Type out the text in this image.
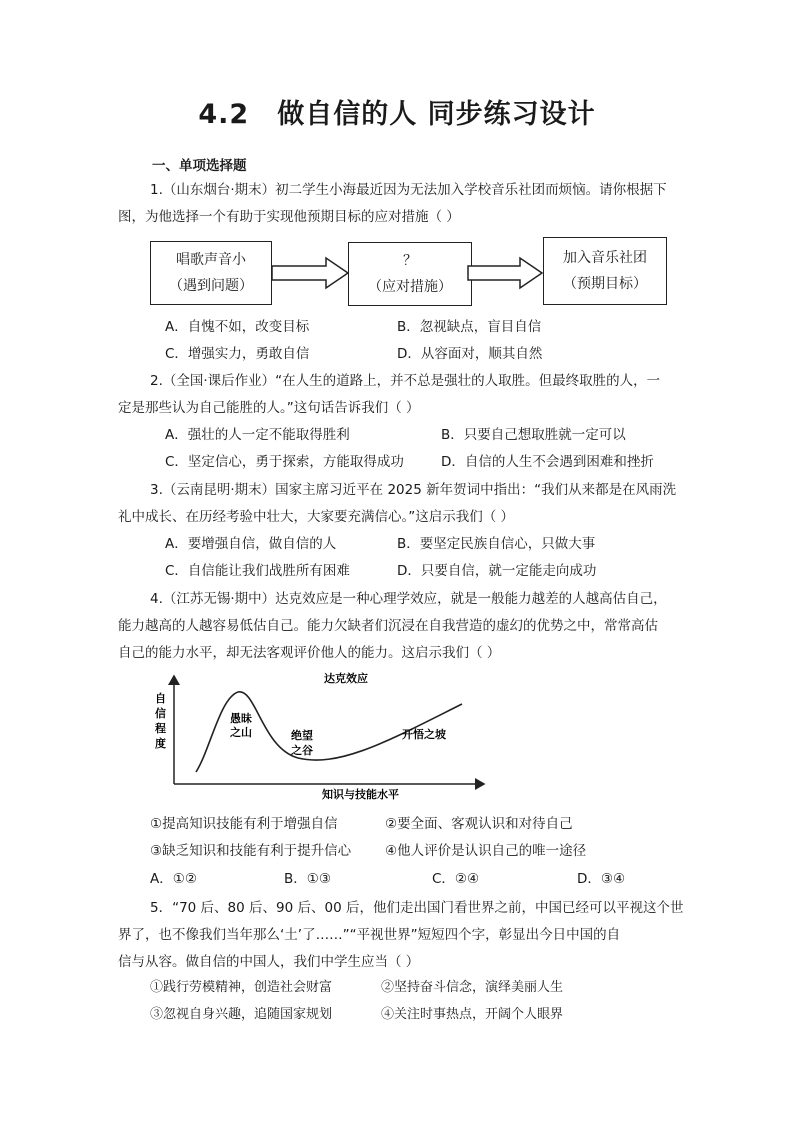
4.2 做自信的人 同步练习设计
一、单项选择题
1.（山东烟台·期末）初二学生小海最近因为无法加入学校音乐社团而烦恼。请你根据下
图，为他选择一个有助于实现他预期目标的应对措施（ ）
唱歌声音小
（遇到问题）
？
（应对措施）
加入音乐社团
（预期目标）
A．自愧不如，改变目标	B．忽视缺点，盲目自信
C．增强实力，勇敢自信	D．从容面对，顺其自然
2.（全国·课后作业）“在人生的道路上，并不总是强壮的人取胜。但最终取胜的人，一
定是那些认为自己能胜的人。”这句话告诉我们（ ）
A．强壮的人一定不能取得胜利	B．只要自己想取胜就一定可以
C．坚定信心，勇于探索，方能取得成功	D．自信的人生不会遇到困难和挫折
3.（云南昆明·期末）国家主席习近平在 2025 新年贺词中指出：“我们从来都是在风雨洗
礼中成长、在历经考验中壮大，大家要充满信心。”这启示我们（ ）
A．要增强自信，做自信的人	B．要坚定民族自信心，只做大事
C．自信能让我们战胜所有困难	D．只要自信，就一定能走向成功
4.（江苏无锡·期中）达克效应是一种心理学效应，就是一般能力越差的人越高估自己，
能力越高的人越容易低估自己。能力欠缺者们沉浸在自我营造的虚幻的优势之中，常常高估
自己的能力水平，却无法客观评价他人的能力。这启示我们（ ）
达克效应
自
信
程
度
愚昧
之山	绝望
之谷
开悟之坡
知识与技能水平
①提高知识技能有利于增强自信	②要全面、客观认识和对待自己
③缺乏知识和技能有利于提升信心	④他人评价是认识自己的唯一途径
A．①②	B．①③	C．②④	D．③④
5．“70 后、80 后、90 后、00 后，他们走出国门看世界之前，中国已经可以平视这个世
界了，也不像我们当年那么‘土’了……”“平视世界”短短四个字，彰显出今日中国的自
信与从容。做自信的中国人，我们中学生应当（ ）
①践行劳模精神，创造社会财富	②坚持奋斗信念，演绎美丽人生
③忽视自身兴趣，追随国家规划	④关注时事热点，开阔个人眼界
